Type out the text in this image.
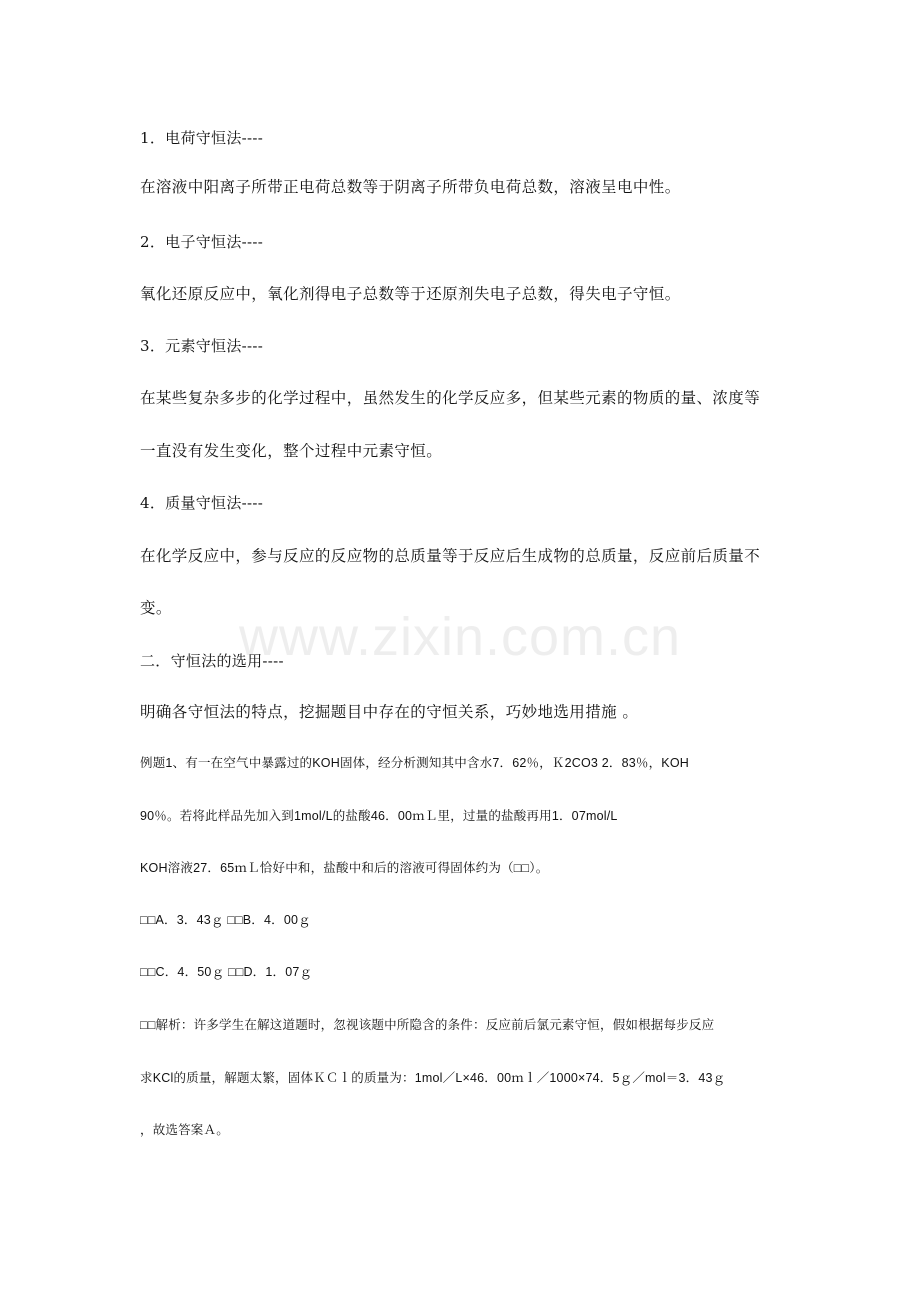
1．电荷守恒法----
在溶液中阳离子所带正电荷总数等于阴离子所带负电荷总数，溶液呈电中性。
2．电子守恒法----
氧化还原反应中，氧化剂得电子总数等于还原剂失电子总数，得失电子守恒。
3．元素守恒法----
在某些复杂多步的化学过程中，虽然发生的化学反应多，但某些元素的物质的量、浓度等
一直没有发生变化，整个过程中元素守恒。
4．质量守恒法----
在化学反应中，参与反应的反应物的总质量等于反应后生成物的总质量，反应前后质量不
变。
二．守恒法的选用----
明确各守恒法的特点，挖掘题目中存在的守恒关系，巧妙地选用措施 。
例题1、有一在空气中暴露过的KOH固体，经分析测知其中含水7．62％，Ｋ2CO3 2．83％，KOH
90％。若将此样品先加入到1mol/L的盐酸46．00ｍＬ里，过量的盐酸再用1．07mol/L
KOH溶液27．65ｍＬ恰好中和，盐酸中和后的溶液可得固体约为（□□）。
□□A．3．43ｇ □□B．4．00ｇ
□□C．4．50ｇ □□D．1．07ｇ
□□解析：许多学生在解这道题时，忽视该题中所隐含的条件：反应前后氯元素守恒，假如根据每步反应
求KCl的质量，解题太繁，固体ＫＣｌ的质量为：1mol／L×46．00ｍｌ／1000×74．5ｇ／mol＝3．43ｇ
，故选答案Ａ。
www.zixin.com.cn
